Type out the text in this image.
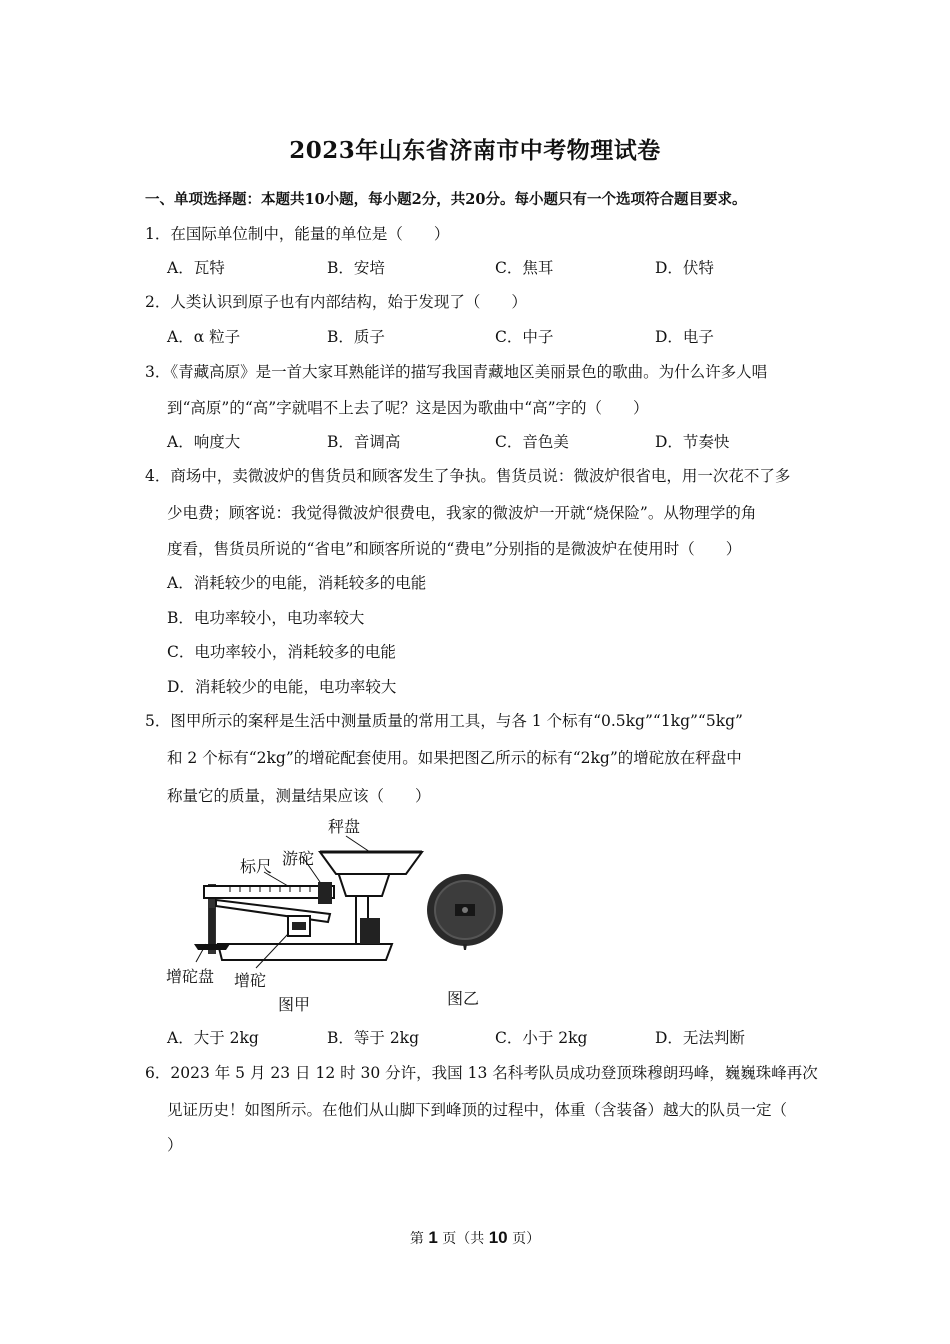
2023年山东省济南市中考物理试卷
一、单项选择题：本题共10小题，每小题2分，共20分。每小题只有一个选项符合题目要求。
1．在国际单位制中，能量的单位是（　　）
A．瓦特	B．安培	C．焦耳	D．伏特
2．人类认识到原子也有内部结构，始于发现了（　　）
A．α 粒子	B．质子	C．中子	D．电子
3．《青藏高原》是一首大家耳熟能详的描写我国青藏地区美丽景色的歌曲。为什么许多人唱
到“高原”的“高”字就唱不上去了呢？这是因为歌曲中“高”字的（　　）
A．响度大	B．音调高	C．音色美	D．节奏快
4．商场中，卖微波炉的售货员和顾客发生了争执。售货员说：微波炉很省电，用一次花不了多
少电费；顾客说：我觉得微波炉很费电，我家的微波炉一开就“烧保险”。从物理学的角
度看，售货员所说的“省电”和顾客所说的“费电”分别指的是微波炉在使用时（　　）
A．消耗较少的电能，消耗较多的电能
B．电功率较小，电功率较大
C．电功率较小，消耗较多的电能
D．消耗较少的电能，电功率较大
5．图甲所示的案秤是生活中测量质量的常用工具，与各 1 个标有“0.5kg”“1kg”“5kg”
和 2 个标有“2kg”的增砣配套使用。如果把图乙所示的标有“2kg”的增砣放在秤盘中
称量它的质量，测量结果应该（　　）
秤盘
标尺 游砣
增砣盘 增砣
图甲	图乙
A．大于 2kg	B．等于 2kg	C．小于 2kg	D．无法判断
6．2023 年 5 月 23 日 12 时 30 分许，我国 13 名科考队员成功登顶珠穆朗玛峰，巍巍珠峰再次
见证历史！如图所示。在他们从山脚下到峰顶的过程中，体重（含装备）越大的队员一定（
）
第 1 页（共 10 页）
